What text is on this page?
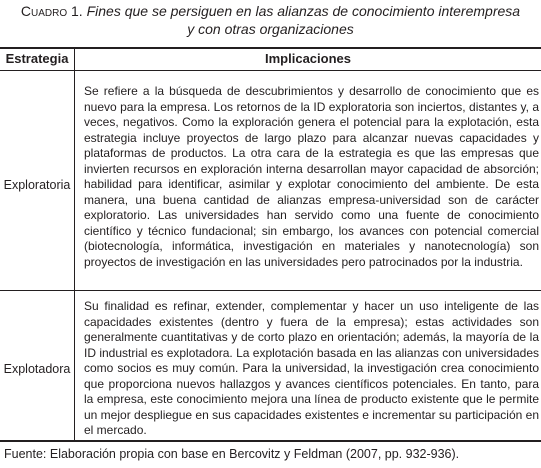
Cuadro 1. Fines que se persiguen en las alianzas de conocimiento interempresa
y con otras organizaciones
Estrategia	Implicaciones
Exploratoria
Se refiere a la búsqueda de descubrimientos y desarrollo de conocimiento que es nuevo para la empresa. Los retornos de la ID exploratoria son inciertos, distantes y, a veces, negativos. Como la exploración genera el potencial para la explotación, esta estrategia incluye proyectos de largo plazo para alcanzar nuevas capacidades y plataformas de productos. La otra cara de la estrategia es que las empresas que invierten recursos en exploración interna desarrollan mayor capacidad de absorción; habilidad para identificar, asimilar y explotar conocimiento del ambiente. De esta manera, una buena cantidad de alianzas empresa-universidad son de carácter exploratorio. Las universidades han servido como una fuente de conocimiento científico y técnico fundacional; sin embargo, los avances con potencial comercial (biotecnología, informática, investigación en materiales y nanotecnología) son proyectos de investigación en las universidades pero patrocinados por la industria.
Explotadora
Su finalidad es refinar, extender, complementar y hacer un uso inteligente de las capacidades existentes (dentro y fuera de la empresa); estas actividades son generalmente cuantitativas y de corto plazo en orientación; además, la mayoría de la ID industrial es explotadora. La explotación basada en las alianzas con universidades como socios es muy común. Para la universidad, la investigación crea conocimiento que proporciona nuevos hallazgos y avances científicos potenciales. En tanto, para la empresa, este conocimiento mejora una línea de producto existente que le permite un mejor despliegue en sus capacidades existentes e incrementar su participación en el mercado.
Fuente: Elaboración propia con base en Bercovitz y Feldman (2007, pp. 932-936).
